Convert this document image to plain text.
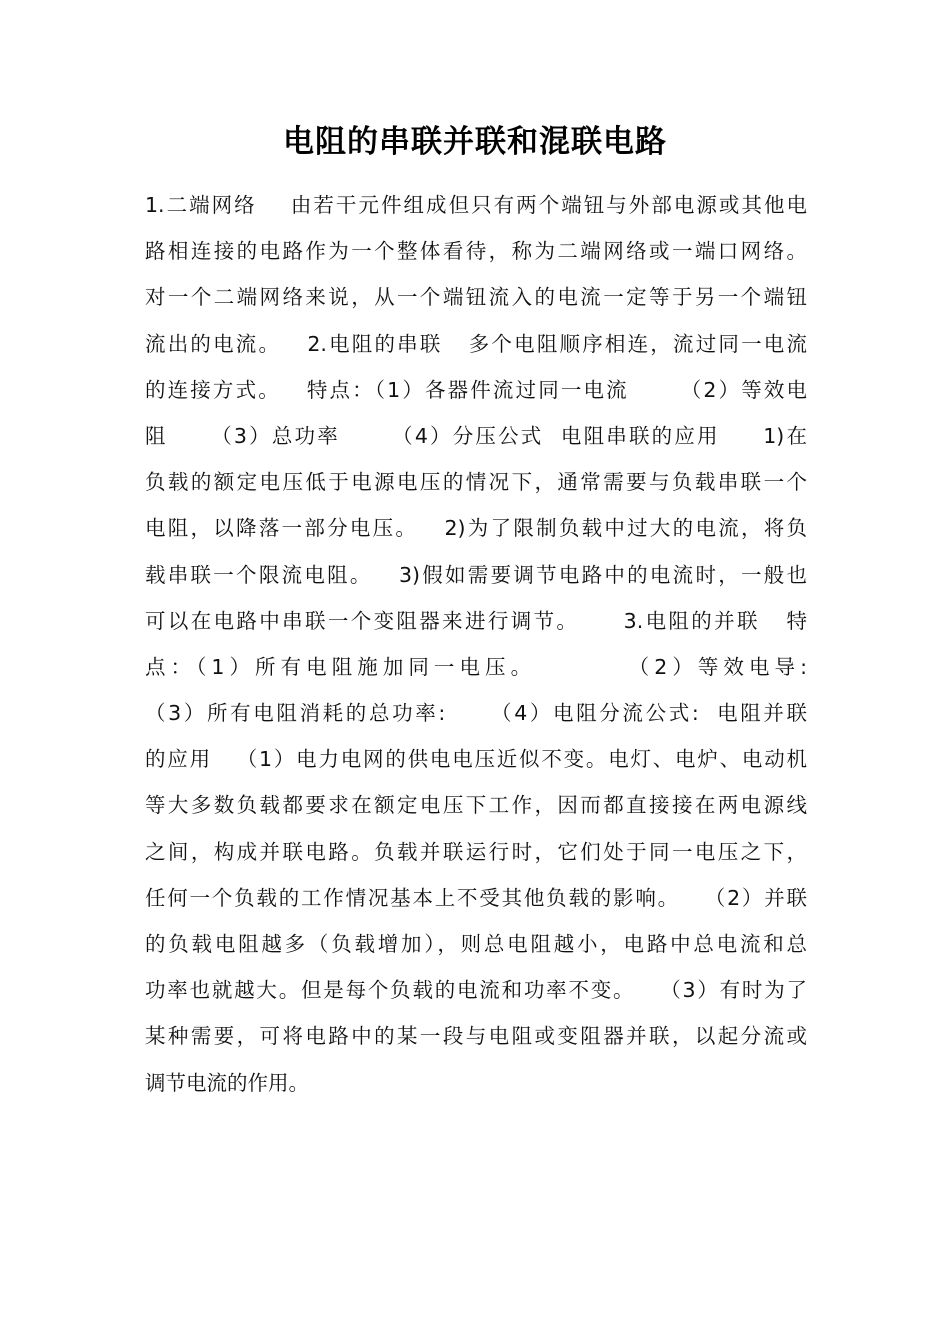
电阻的串联并联和混联电路
1.二端网络    由若干元件组成但只有两个端钮与外部电源或其他电
路相连接的电路作为一个整体看待，称为二端网络或一端口网络。
对一个二端网络来说，从一个端钮流入的电流一定等于另一个端钮
流出的电流。   2.电阻的串联   多个电阻顺序相连，流过同一电流
的连接方式。   特点：（1）各器件流过同一电流      （2）等效电
阻     （3）总功率      （4）分压公式  电阻串联的应用     1)在
负载的额定电压低于电源电压的情况下，通常需要与负载串联一个
电阻，以降落一部分电压。   2)为了限制负载中过大的电流，将负
载串联一个限流电阻。   3)假如需要调节电路中的电流时，一般也
可以在电路中串联一个变阻器来进行调节。     3.电阻的并联   特
点：（1）所有电阻施加同一电压。        （2）等效电导:
（3）所有电阻消耗的总功率:     （4）电阻分流公式:  电阻并联
的应用   （1）电力电网的供电电压近似不变。电灯、电炉、电动机
等大多数负载都要求在额定电压下工作，因而都直接接在两电源线
之间，构成并联电路。负载并联运行时，它们处于同一电压之下，
任何一个负载的工作情况基本上不受其他负载的影响。   （2）并联
的负载电阻越多（负载增加），则总电阻越小，电路中总电流和总
功率也就越大。但是每个负载的电流和功率不变。   （3）有时为了
某种需要，可将电路中的某一段与电阻或变阻器并联，以起分流或
调节电流的作用。
